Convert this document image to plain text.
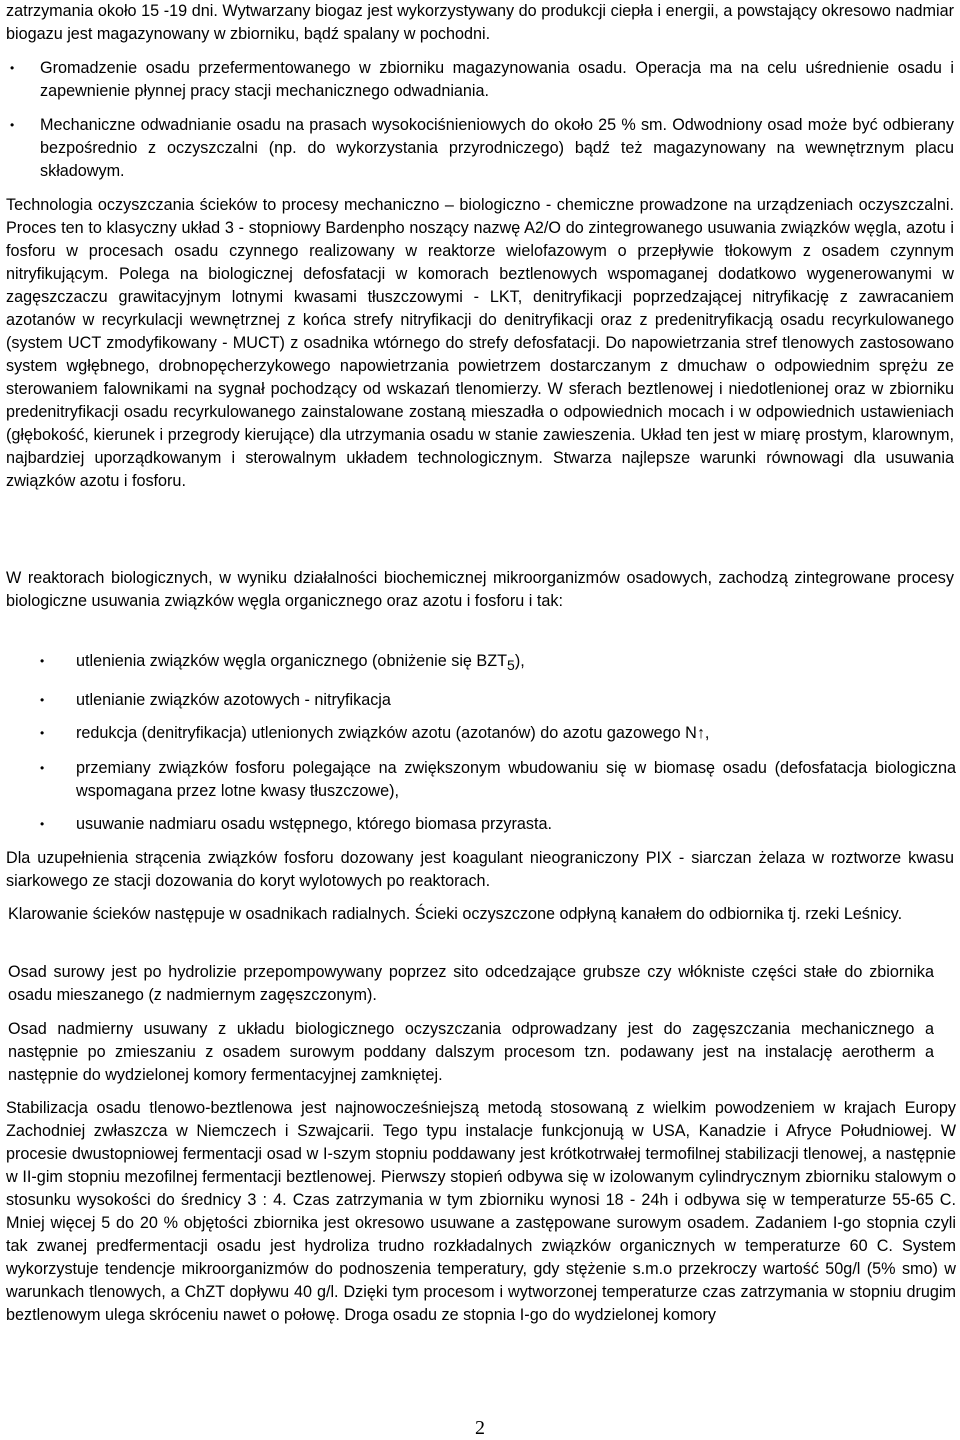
zatrzymania około 15 -19 dni. Wytwarzany biogaz jest wykorzystywany do produkcji ciepła i energii, a powstający okresowo nadmiar biogazu jest magazynowany w zbiorniku, bądź spalany w pochodni.

• Gromadzenie osadu przefermentowanego w zbiorniku magazynowania osadu. Operacja ma na celu uśrednienie osadu i zapewnienie płynnej pracy stacji mechanicznego odwadniania.

• Mechaniczne odwadnianie osadu na prasach wysokociśnieniowych do około 25 % sm. Odwodniony osad może być odbierany bezpośrednio z oczyszczalni (np. do wykorzystania przyrodniczego) bądź też magazynowany na wewnętrznym placu składowym.

Technologia oczyszczania ścieków to procesy mechaniczno – biologiczno - chemiczne prowadzone na urządzeniach oczyszczalni. Proces ten to klasyczny układ 3 - stopniowy Bardenpho noszący nazwę A2/O do zintegrowanego usuwania związków węgla, azotu i fosforu w procesach osadu czynnego realizowany w reaktorze wielofazowym o przepływie tłokowym z osadem czynnym nitryfikującym. Polega na biologicznej defosfatacji w komorach beztlenowych wspomaganej dodatkowo wygenerowanymi w zagęszczaczu grawitacyjnym lotnymi kwasami tłuszczowymi - LKT, denitryfikacji poprzedzającej nitryfikację z zawracaniem azotanów w recyrkulacji wewnętrznej z końca strefy nitryfikacji do denitryfikacji oraz z predenitryfikacją osadu recyrkulowanego (system UCT zmodyfikowany - MUCT) z osadnika wtórnego do strefy defosfatacji. Do napowietrzania stref tlenowych zastosowano system wgłębnego, drobnopęcherzykowego napowietrzania powietrzem dostarczanym z dmuchaw o odpowiednim sprężu ze sterowaniem falownikami na sygnał pochodzący od wskazań tlenomierzy. W sferach beztlenowej i niedotlenionej oraz w zbiorniku predenitryfikacji osadu recyrkulowanego zainstalowane zostaną mieszadła o odpowiednich mocach i w odpowiednich ustawieniach (głębokość, kierunek i przegrody kierujące) dla utrzymania osadu w stanie zawieszenia. Układ ten jest w miarę prostym, klarownym, najbardziej uporządkowanym i sterowalnym układem technologicznym. Stwarza najlepsze warunki równowagi dla usuwania związków azotu i fosforu.

W reaktorach biologicznych, w wyniku działalności biochemicznej mikroorganizmów osadowych, zachodzą zintegrowane procesy biologiczne usuwania związków węgla organicznego oraz azotu i fosforu i tak:

• utlenienia związków węgla organicznego (obniżenie się $BZT_5$),

• utlenianie związków azotowych - nitryfikacja

• redukcja (denitryfikacja) utlenionych związków azotu (azotanów) do azotu gazowego N↑,

• przemiany związków fosforu polegające na zwiększonym wbudowaniu się w biomasę osadu (defosfatacja biologiczna wspomagana przez lotne kwasy tłuszczowe),

• usuwanie nadmiaru osadu wstępnego, którego biomasa przyrasta.

Dla uzupełnienia strącenia związków fosforu dozowany jest koagulant nieograniczony PIX - siarczan żelaza w roztworze kwasu siarkowego ze stacji dozowania do koryt wylotowych po reaktorach.

Klarowanie ścieków następuje w osadnikach radialnych. Ścieki oczyszczone odpłyną kanałem do odbiornika tj. rzeki Leśnicy.

Osad surowy jest po hydrolizie przepompowywany poprzez sito odcedzające grubsze czy włókniste części stałe do zbiornika osadu mieszanego (z nadmiernym zagęszczonym).

Osad nadmierny usuwany z układu biologicznego oczyszczania odprowadzany jest do zagęszczania mechanicznego a następnie po zmieszaniu z osadem surowym poddany dalszym procesom tzn. podawany jest na instalację aerotherm a następnie do wydzielonej komory fermentacyjnej zamkniętej.

Stabilizacja osadu tlenowo-beztlenowa jest najnowocześniejszą metodą stosowaną z wielkim powodzeniem w krajach Europy Zachodniej zwłaszcza w Niemczech i Szwajcarii. Tego typu instalacje funkcjonują w USA, Kanadzie i Afryce Południowej. W procesie dwustopniowej fermentacji osad w I-szym stopniu poddawany jest krótkotrwałej termofilnej stabilizacji tlenowej, a następnie w II-gim stopniu mezofilnej fermentacji beztlenowej. Pierwszy stopień odbywa się w izolowanym cylindrycznym zbiorniku stalowym o stosunku wysokości do średnicy 3 : 4. Czas zatrzymania w tym zbiorniku wynosi 18 - 24h i odbywa się w temperaturze 55-65 C. Mniej więcej 5 do 20 % objętości zbiornika jest okresowo usuwane a zastępowane surowym osadem. Zadaniem I-go stopnia czyli tak zwanej predfermentacji osadu jest hydroliza trudno rozkładalnych związków organicznych w temperaturze 60 C. System wykorzystuje tendencje mikroorganizmów do podnoszenia temperatury, gdy stężenie s.m.o przekroczy wartość 50g/l (5% smo) w warunkach tlenowych, a ChZT dopływu 40 g/l. Dzięki tym procesom i wytworzonej temperaturze czas zatrzymania w stopniu drugim beztlenowym ulega skróceniu nawet o połowę. Droga osadu ze stopnia I-go do wydzielonej komory

2
